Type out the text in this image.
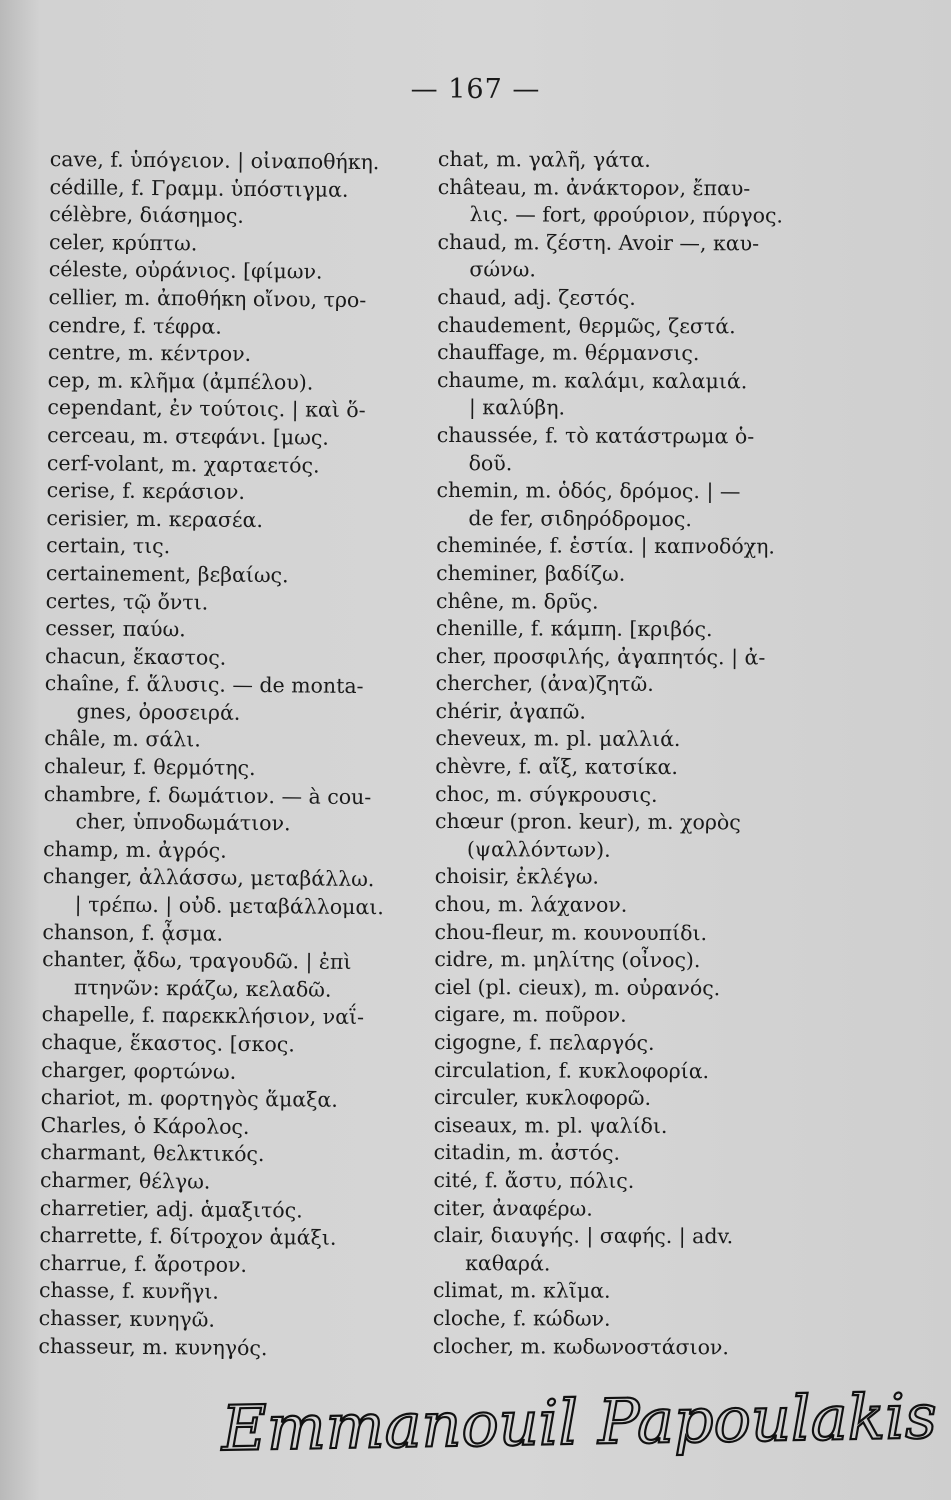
— 167 —
cave, f. ὑπόγειον. | οἰναποθήκη.
cédille, f. Γραμμ. ὑπόστιγμα.
célèbre, διάσημος.
celer, κρύπτω.
céleste, οὐράνιος. [φίμων.
cellier, m. ἀποθήκη οἴνου, τρο-
cendre, f. τέφρα.
centre, m. κέντρον.
cep, m. κλῆμα (ἀμπέλου).
cependant, ἐν τούτοις. | καὶ ὅ-
cerceau, m. στεφάνι. [μως.
cerf-volant, m. χαρταετός.
cerise, f. κεράσιον.
cerisier, m. κερασέα.
certain, τις.
certainement, βεβαίως.
certes, τῷ ὄντι.
cesser, παύω.
chacun, ἕκαστος.
chaîne, f. ἅλυσις. — de monta-
gnes, ὀροσειρά.
châle, m. σάλι.
chaleur, f. θερμότης.
chambre, f. δωμάτιον. — à cou-
cher, ὑπνοδωμάτιον.
champ, m. ἀγρός.
changer, ἀλλάσσω, μεταβάλλω.
| τρέπω. | οὐδ. μεταβάλλομαι.
chanson, f. ᾆσμα.
chanter, ᾄδω, τραγουδῶ. | ἐπὶ
πτηνῶν: κράζω, κελαδῶ.
chapelle, f. παρεκκλήσιον, ναΐ-
chaque, ἕκαστος. [σκος.
charger, φορτώνω.
chariot, m. φορτηγὸς ἅμαξα.
Charles, ὁ Κάρολος.
charmant, θελκτικός.
charmer, θέλγω.
charretier, adj. ἁμαξιτός.
charrette, f. δίτροχον ἁμάξι.
charrue, f. ἄροτρον.
chasse, f. κυνῆγι.
chasser, κυνηγῶ.
chasseur, m. κυνηγός.
chat, m. γαλῆ, γάτα.
château, m. ἀνάκτορον, ἔπαυ-
λις. — fort, φρούριον, πύργος.
chaud, m. ζέστη. Avoir —, καυ-
σώνω.
chaud, adj. ζεστός.
chaudement, θερμῶς, ζεστά.
chauffage, m. θέρμανσις.
chaume, m. καλάμι, καλαμιά.
| καλύβη.
chaussée, f. τὸ κατάστρωμα ὁ-
δοῦ.
chemin, m. ὁδός, δρόμος. | —
de fer, σιδηρόδρομος.
cheminée, f. ἑστία. | καπνοδόχη.
cheminer, βαδίζω.
chêne, m. δρῦς.
chenille, f. κάμπη. [κριβός.
cher, προσφιλής, ἀγαπητός. | ἀ-
chercher, (ἀνα)ζητῶ.
chérir, ἀγαπῶ.
cheveux, m. pl. μαλλιά.
chèvre, f. αἴξ, κατσίκα.
choc, m. σύγκρουσις.
chœur (pron. keur), m. χορὸς
(ψαλλόντων).
choisir, ἐκλέγω.
chou, m. λάχανον.
chou-fleur, m. κουνουπίδι.
cidre, m. μηλίτης (οἶνος).
ciel (pl. cieux), m. οὐρανός.
cigare, m. ποῦρον.
cigogne, f. πελαργός.
circulation, f. κυκλοφορία.
circuler, κυκλοφορῶ.
ciseaux, m. pl. ψαλίδι.
citadin, m. ἀστός.
cité, f. ἄστυ, πόλις.
citer, ἀναφέρω.
clair, διαυγής. | σαφής. | adv.
καθαρά.
climat, m. κλῖμα.
cloche, f. κώδων.
clocher, m. κωδωνοστάσιον.
Emmanouil Papoulakis
